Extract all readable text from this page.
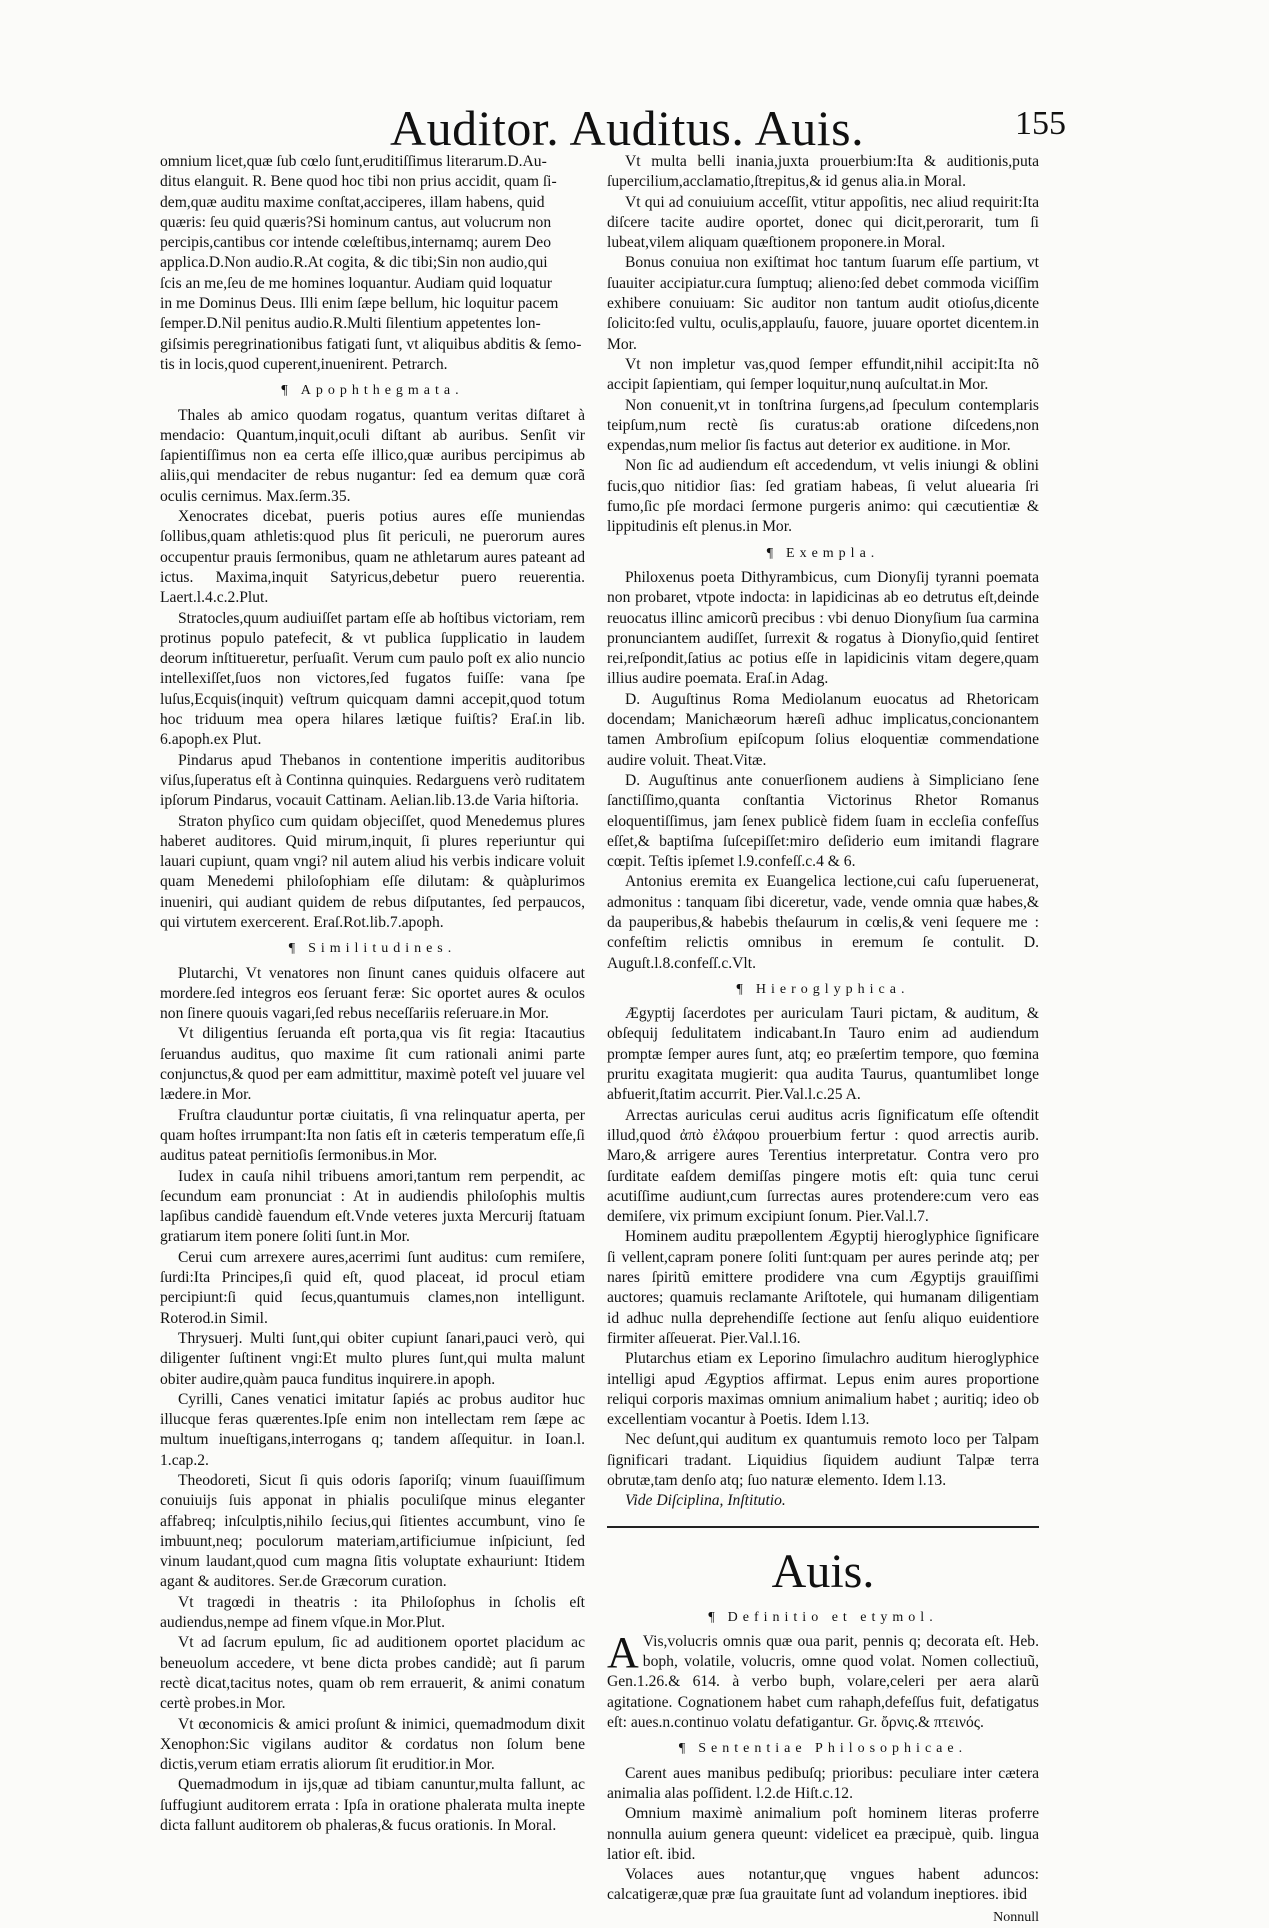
Auditor. Auditus. Auis.	155

omnium licet,quæ ſub cœlo ſunt,eruditiſſimus literarum.D.Au-

ditus elanguit. R. Bene quod hoc tibi non prius accidit, quam ſi-

dem,quæ auditu maxime conſtat,acciperes, illam habens, quid

quæris: ſeu quid quæris?Si hominum cantus, aut volucrum non

percipis,cantibus cor intende cœleſtibus,internamq; aurem Deo

applica.D.Non audio.R.At cogita, & dic tibi;Sin non audio,qui

ſcis an me,ſeu de me homines loquantur. Audiam quid loquatur

in me Dominus Deus. Illi enim ſæpe bellum, hic loquitur pacem

ſemper.D.Nil penitus audio.R.Multi ſilentium appetentes lon-

giſsimis peregrinationibus fatigati ſunt, vt aliquibus abditis & ſemo-

tis in locis,quod cuperent,inuenirent. Petrarch.

¶ Apophthegmata.

Thales ab amico quodam rogatus, quantum veritas diſtaret à mendacio: Quantum,inquit,oculi diſtant ab auribus. Senſit vir ſapientiſſimus non ea certa eſſe illico,quæ auribus percipimus ab aliis,qui mendaciter de rebus nugantur: ſed ea demum quæ corã oculis cernimus. Max.ſerm.35.

Xenocrates dicebat, pueris potius aures eſſe muniendas ſollibus,quam athletis:quod plus ſit periculi, ne puerorum aures occupentur prauis ſermonibus, quam ne athletarum aures pateant ad ictus. Maxima,inquit Satyricus,debetur puero reuerentia. Laert.l.4.c.2.Plut.

Stratocles,quum audiuiſſet partam eſſe ab hoſtibus victoriam, rem protinus populo patefecit, & vt publica ſupplicatio in laudem deorum inſtitueretur, perſuaſit. Verum cum paulo poſt ex alio nuncio intellexiſſet,ſuos non victores,ſed fugatos fuiſſe: vana ſpe luſus,Ecquis(inquit) veſtrum quicquam damni accepit,quod totum hoc triduum mea opera hilares lætique fuiſtis? Eraſ.in lib. 6.apoph.ex Plut.

Pindarus apud Thebanos in contentione imperitis auditoribus viſus,ſuperatus eſt à Continna quinquies. Redarguens verò ruditatem ipſorum Pindarus, vocauit Cattinam. Aelian.lib.13.de Varia hiſtoria.

Straton phyſico cum quidam objeciſſet, quod Menedemus plures haberet auditores. Quid mirum,inquit, ſi plures reperiuntur qui lauari cupiunt, quam vngi? nil autem aliud his verbis indicare voluit quam Menedemi philoſophiam eſſe dilutam: & quàplurimos inueniri, qui audiant quidem de rebus diſputantes, ſed perpaucos, qui virtutem exercerent. Eraſ.Rot.lib.7.apoph.

¶ Similitudines.

Plutarchi, Vt venatores non ſinunt canes quiduis olfacere aut mordere.ſed integros eos ſeruant feræ: Sic oportet aures & oculos non ſinere quouis vagari,ſed rebus neceſſariis reſeruare.in Mor.

Vt diligentius ſeruanda eſt porta,qua vis ſit regia: Itacautius ſeruandus auditus, quo maxime ſit cum rationali animi parte conjunctus,& quod per eam admittitur, maximè poteſt vel juuare vel lædere.in Mor.

Fruſtra clauduntur portæ ciuitatis, ſi vna relinquatur aperta, per quam hoſtes irrumpant:Ita non ſatis eſt in cæteris temperatum eſſe,ſi auditus pateat pernitioſis ſermonibus.in Mor.

Iudex in cauſa nihil tribuens amori,tantum rem perpendit, ac ſecundum eam pronunciat : At in audiendis philoſophis multis lapſibus candidè fauendum eſt.Vnde veteres juxta Mercurij ſtatuam gratiarum item ponere ſoliti ſunt.in Mor.

Cerui cum arrexere aures,acerrimi ſunt auditus: cum remiſere, ſurdi:Ita Principes,ſi quid eſt, quod placeat, id procul etiam percipiunt:ſi quid ſecus,quantumuis clames,non intelligunt. Roterod.in Simil.

Thrysuerj. Multi ſunt,qui obiter cupiunt ſanari,pauci verò, qui diligenter ſuſtinent vngi:Et multo plures ſunt,qui multa malunt obiter audire,quàm pauca funditus inquirere.in apoph.

Cyrilli, Canes venatici imitatur ſapiés ac probus auditor huc illucque feras quærentes.Ipſe enim non intellectam rem ſæpe ac multum inueſtigans,interrogans q; tandem aſſequitur. in Ioan.l. 1.cap.2.

Theodoreti, Sicut ſi quis odoris ſaporiſq; vinum ſuauiſſimum conuiuijs ſuis apponat in phialis poculiſque minus eleganter affabreq; inſculptis,nihilo ſecius,qui ſitientes accumbunt, vino ſe imbuunt,neq; poculorum materiam,artificiumue inſpiciunt, ſed vinum laudant,quod cum magna ſitis voluptate exhauriunt: Itidem agant & auditores. Ser.de Græcorum curation.

Vt tragœdi in theatris : ita Philoſophus in ſcholis eſt audiendus,nempe ad finem vſque.in Mor.Plut.

Vt ad ſacrum epulum, ſic ad auditionem oportet placidum ac beneuolum accedere, vt bene dicta probes candidè; aut ſi parum rectè dicat,tacitus notes, quam ob rem errauerit, & animi conatum certè probes.in Mor.

Vt œconomicis & amici proſunt & inimici, quemadmodum dixit Xenophon:Sic vigilans auditor & cordatus non ſolum bene dictis,verum etiam erratis aliorum ſit eruditior.in Mor.

Quemadmodum in ijs,quæ ad tibiam canuntur,multa fallunt, ac ſuffugiunt auditorem errata : Ipſa in oratione phalerata multa inepte dicta fallunt auditorem ob phaleras,& fucus orationis. In Moral.

Vt multa belli inania,juxta prouerbium:Ita & auditionis,puta ſupercilium,acclamatio,ſtrepitus,& id genus alia.in Moral.

Vt qui ad conuiuium acceſſit, vtitur appoſitis, nec aliud requirit:Ita diſcere tacite audire oportet, donec qui dicit,perorarit, tum ſi lubeat,vilem aliquam quæſtionem proponere.in Moral.

Bonus conuiua non exiſtimat hoc tantum ſuarum eſſe partium, vt ſuauiter accipiatur.cura ſumptuq; alieno:ſed debet commoda viciſſim exhibere conuiuam: Sic auditor non tantum audit otioſus,dicente ſolicito:ſed vultu, oculis,applauſu, fauore, juuare oportet dicentem.in Mor.

Vt non impletur vas,quod ſemper effundit,nihil accipit:Ita nõ accipit ſapientiam, qui ſemper loquitur,nunq auſcultat.in Mor.

Non conuenit,vt in tonſtrina ſurgens,ad ſpeculum contemplaris teipſum,num rectè ſis curatus:ab oratione diſcedens,non expendas,num melior ſis factus aut deterior ex auditione. in Mor.

Non ſic ad audiendum eſt accedendum, vt velis iniungi & oblini fucis,quo nitidior ſias: ſed gratiam habeas, ſi velut aluearia ſri fumo,ſic pſe mordaci ſermone purgeris animo: qui cæcutientiæ & lippitudinis eſt plenus.in Mor.

¶ Exempla.

Philoxenus poeta Dithyrambicus, cum Dionyſij tyranni poemata non probaret, vtpote indocta: in lapidicinas ab eo detrutus eſt,deinde reuocatus illinc amicorũ precibus : vbi denuo Dionyſium ſua carmina pronunciantem audiſſet, ſurrexit & rogatus à Dionyſio,quid ſentiret rei,reſpondit,ſatius ac potius eſſe in lapidicinis vitam degere,quam illius audire poemata. Eraſ.in Adag.

D. Auguſtinus Roma Mediolanum euocatus ad Rhetoricam docendam; Manichæorum hæreſi adhuc implicatus,concionantem tamen Ambroſium epiſcopum ſolius eloquentiæ commendatione audire voluit. Theat.Vitæ.

D. Auguſtinus ante conuerſionem audiens à Simpliciano ſene ſanctiſſimo,quanta conſtantia Victorinus Rhetor Romanus eloquentiſſimus, jam ſenex publicè fidem ſuam in eccleſia confeſſus eſſet,& baptiſma ſuſcepiſſet:miro deſiderio eum imitandi flagrare cœpit. Teſtis ipſemet l.9.confeſſ.c.4 & 6.

Antonius eremita ex Euangelica lectione,cui caſu ſuperuenerat, admonitus : tanquam ſibi diceretur, vade, vende omnia quæ habes,& da pauperibus,& habebis theſaurum in cœlis,& veni ſequere me : confeſtim relictis omnibus in eremum ſe contulit. D. Auguſt.l.8.confeſſ.c.Vlt.

¶ Hieroglyphica.

Ægyptij ſacerdotes per auriculam Tauri pictam, & auditum, & obſequij ſedulitatem indicabant.In Tauro enim ad audiendum promptæ ſemper aures ſunt, atq; eo præſertim tempore, quo fœmina pruritu exagitata mugierit: qua audita Taurus, quantumlibet longe abfuerit,ſtatim accurrit. Pier.Val.l.c.25 A.

Arrectas auriculas cerui auditus acris ſignificatum eſſe oſtendit illud,quod ἀπὸ ἐλάφου prouerbium fertur : quod arrectis aurib. Maro,& arrigere aures Terentius interpretatur. Contra vero pro ſurditate eaſdem demiſſas pingere motis eſt: quia tunc cerui acutiſſime audiunt,cum ſurrectas aures protendere:cum vero eas demiſere, vix primum excipiunt ſonum. Pier.Val.l.7.

Hominem auditu præpollentem Ægyptij hieroglyphice ſignificare ſi vellent,capram ponere ſoliti ſunt:quam per aures perinde atq; per nares ſpiritũ emittere prodidere vna cum Ægyptijs grauiſſimi auctores; quamuis reclamante Ariſtotele, qui humanam diligentiam id adhuc nulla deprehendiſſe ſectione aut ſenſu aliquo euidentiore firmiter aſſeuerat. Pier.Val.l.16.

Plutarchus etiam ex Leporino ſimulachro auditum hieroglyphice intelligi apud Ægyptios affirmat. Lepus enim aures proportione reliqui corporis maximas omnium animalium habet ; auritiq; ideo ob excellentiam vocantur à Poetis. Idem l.13.

Nec deſunt,qui auditum ex quantumuis remoto loco per Talpam ſignificari tradant. Liquidius ſiquidem audiunt Talpæ terra obrutæ,tam denſo atq; ſuo naturæ elemento. Idem l.13.

Vide Diſciplina, Inſtitutio.

Auis.
¶ Definitio et etymol.
A Vis,volucris omnis quæ oua parit, pennis q; decorata eſt. Heb. boph, volatile, volucris, omne quod volat. Nomen collectiuũ, Gen.1.26.& 614. à verbo buph, volare,celeri per aera alarũ agitatione. Cognationem habet cum rahaph,defeſſus fuit, defatigatus eſt: aues.n.continuo volatu defatigantur. Gr. ὄρνις.& πτεινός.

¶ Sententiae Philosophicae.

Carent aues manibus pedibuſq; prioribus: peculiare inter cætera animalia alas poſſident. l.2.de Hiſt.c.12.

Omnium maximè animalium poſt hominem literas proferre nonnulla auium genera queunt: videlicet ea præcipuè, quib. lingua latior eſt. ibid.

Volaces aues notantur,quę vngues habent aduncos: calcatigeræ,quæ præ ſua grauitate ſunt ad volandum ineptiores. ibid

Nonnull
